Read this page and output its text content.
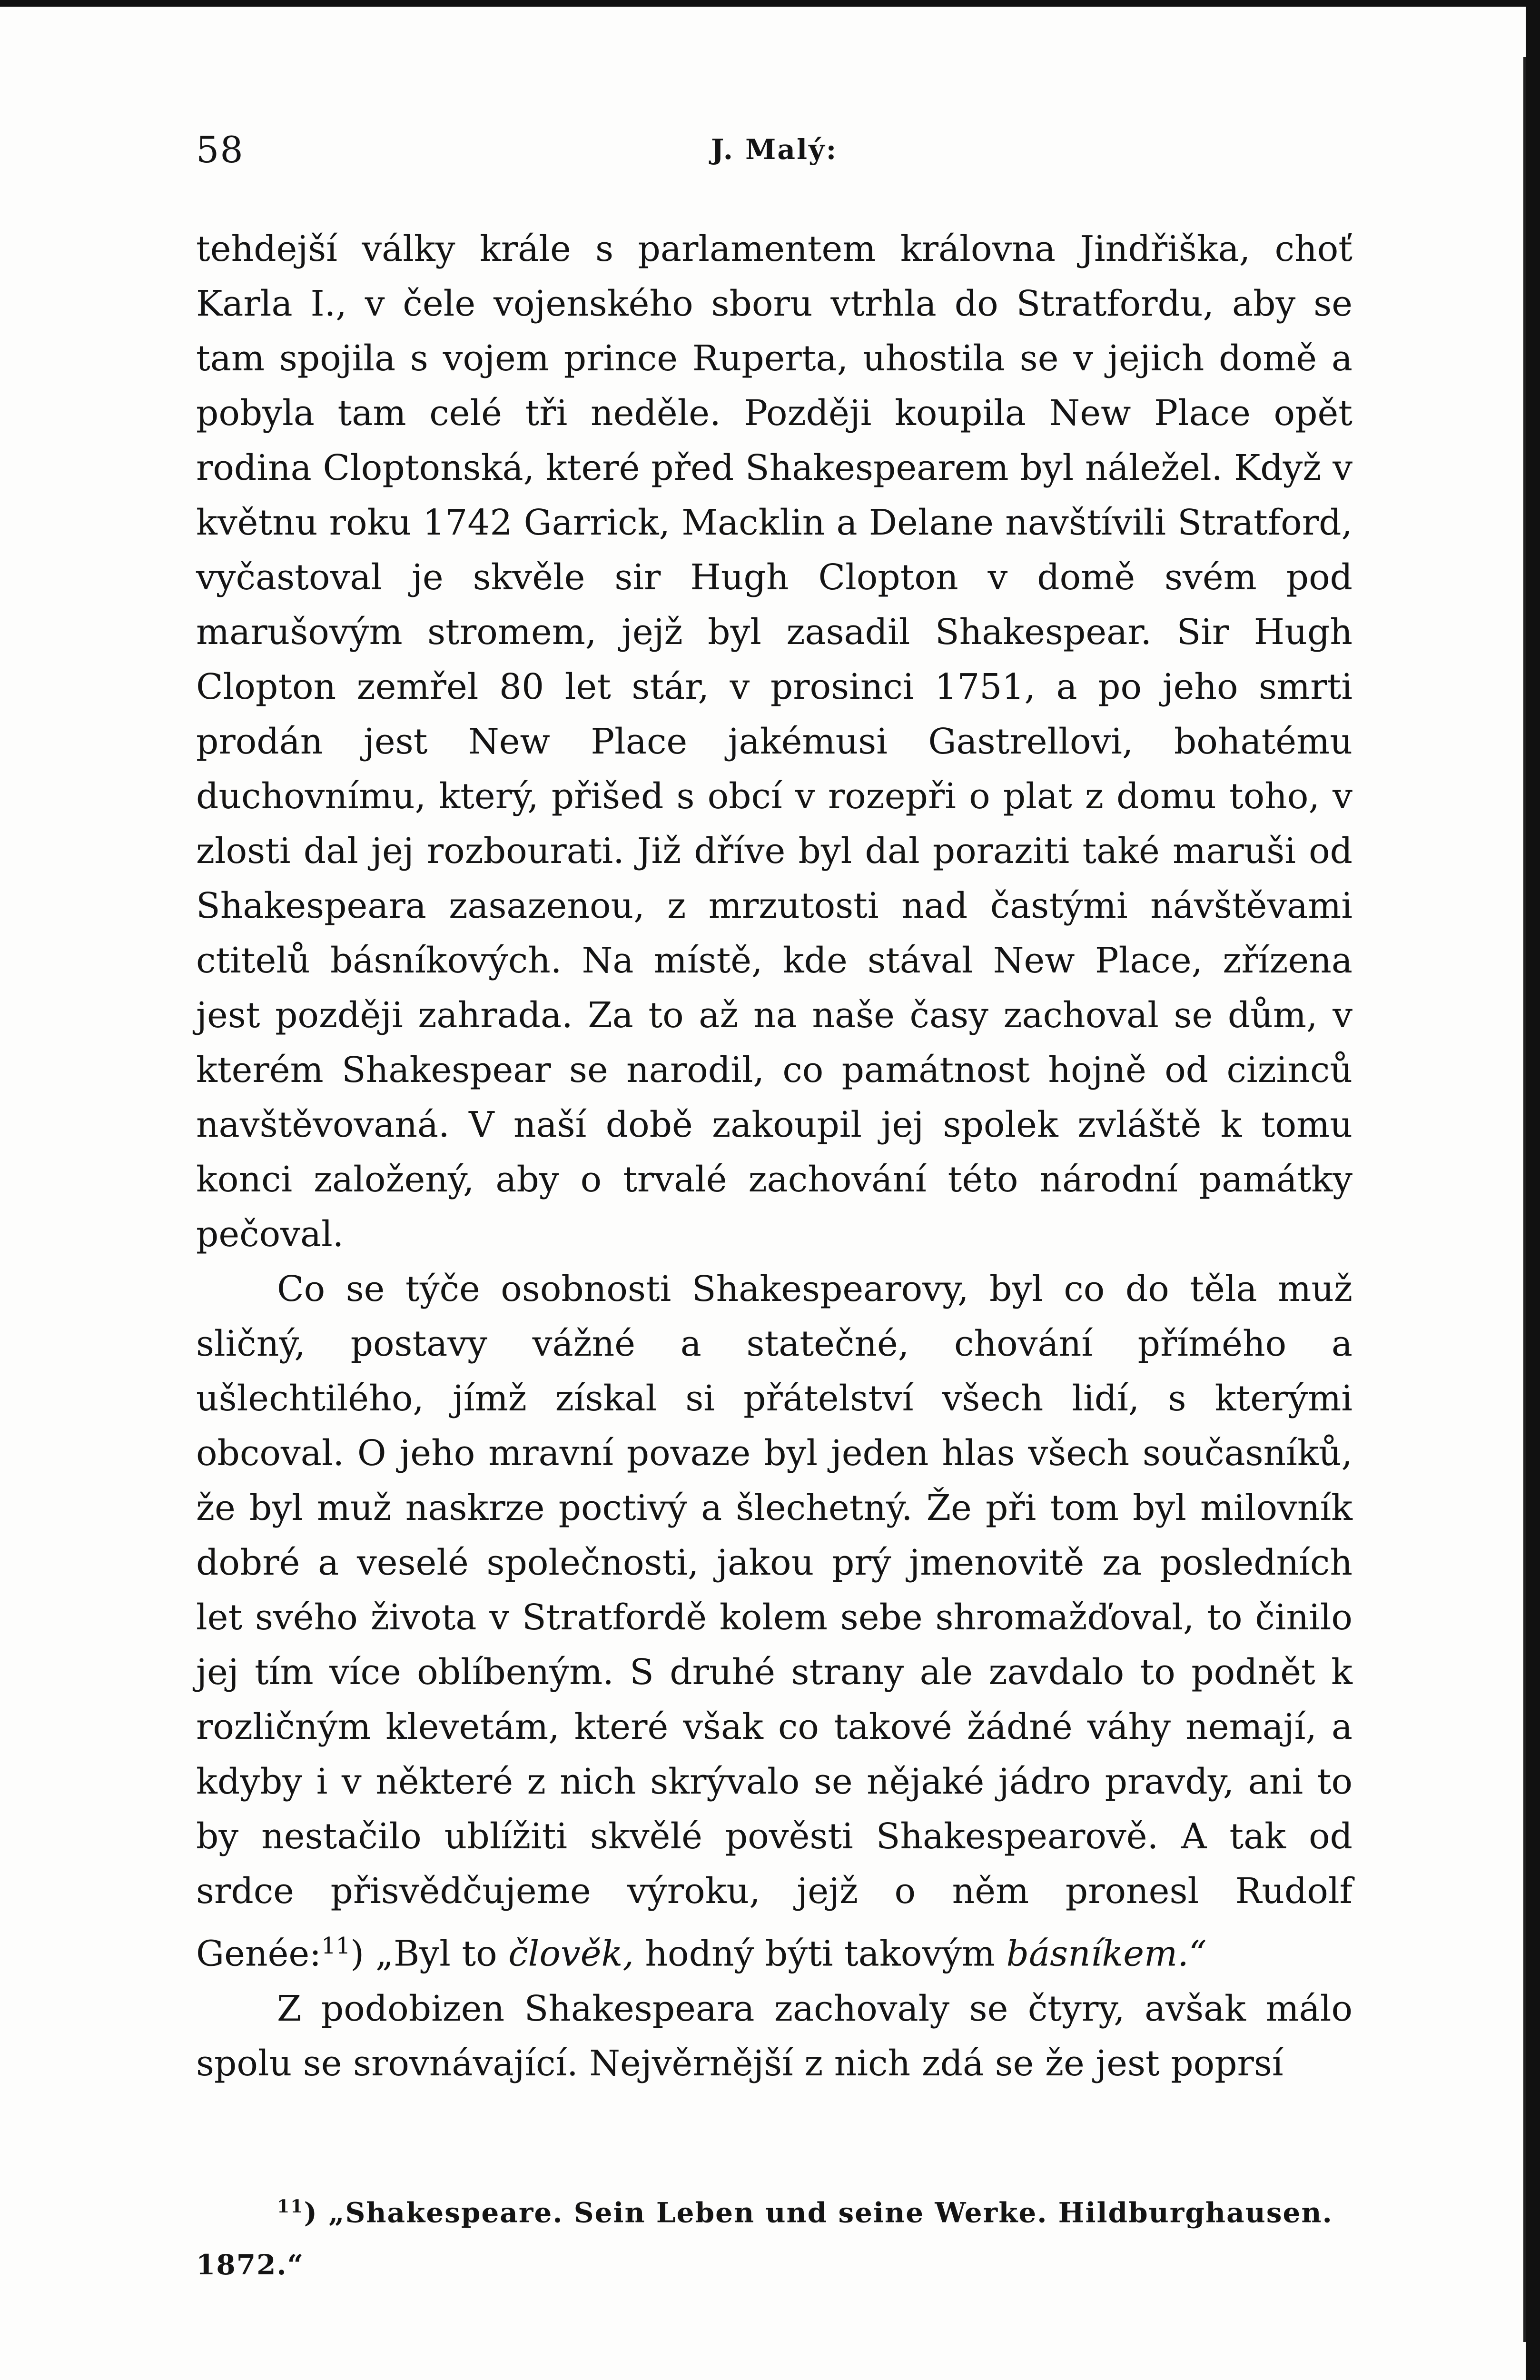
58	J. Malý:

tehdejší války krále s parlamentem královna Jindřiška, choť Karla I., v čele vojenského sboru vtrhla do Stratfordu, aby se tam spojila s vojem prince Ruperta, uhostila se v jejich domě a pobyla tam celé tři neděle. Později koupila New Place opět rodina Cloptonská, které před Shakespearem byl náležel. Když v květnu roku 1742 Garrick, Macklin a Delane navštívili Stratford, vyčastoval je skvěle sir Hugh Clopton v domě svém pod marušovým stromem, jejž byl zasadil Shakespear. Sir Hugh Clopton zemřel 80 let stár, v prosinci 1751, a po jeho smrti prodán jest New Place jakémusi Gastrellovi, bohatému duchovnímu, který, přišed s obcí v rozepři o plat z domu toho, v zlosti dal jej rozbourati. Již dříve byl dal poraziti také maruši od Shakespeara zasazenou, z mrzutosti nad častými návštěvami ctitelů básníkových. Na místě, kde stával New Place, zřízena jest později zahrada. Za to až na naše časy zachoval se dům, v kterém Shakespear se narodil, co památnost hojně od cizinců navštěvovaná. V naší době zakoupil jej spolek zvláště k tomu konci založený, aby o trvalé zachování této národní památky pečoval.

Co se týče osobnosti Shakespearovy, byl co do těla muž sličný, postavy vážné a statečné, chování přímého a ušlechtilého, jímž získal si přátelství všech lidí, s kterými obcoval. O jeho mravní povaze byl jeden hlas všech současníků, že byl muž naskrze poctivý a šlechetný. Že při tom byl milovník dobré a veselé společnosti, jakou prý jmenovitě za posledních let svého života v Stratfordě kolem sebe shromažďoval, to činilo jej tím více oblíbeným. S druhé strany ale zavdalo to podnět k rozličným klevetám, které však co takové žádné váhy nemají, a kdyby i v některé z nich skrývalo se nějaké jádro pravdy, ani to by nestačilo ublížiti skvělé pověsti Shakespearově. A tak od srdce přisvědčujeme výroku, jejž o něm pronesl Rudolf Genée:$^{11}$) „Byl to člověk, hodný býti takovým básníkem.“

Z podobizen Shakespeara zachovaly se čtyry, avšak málo spolu se srovnávající. Nejvěrnější z nich zdá se že jest poprsí

$^{11}$) „Shakespeare. Sein Leben und seine Werke. Hildburghausen. 1872.“
